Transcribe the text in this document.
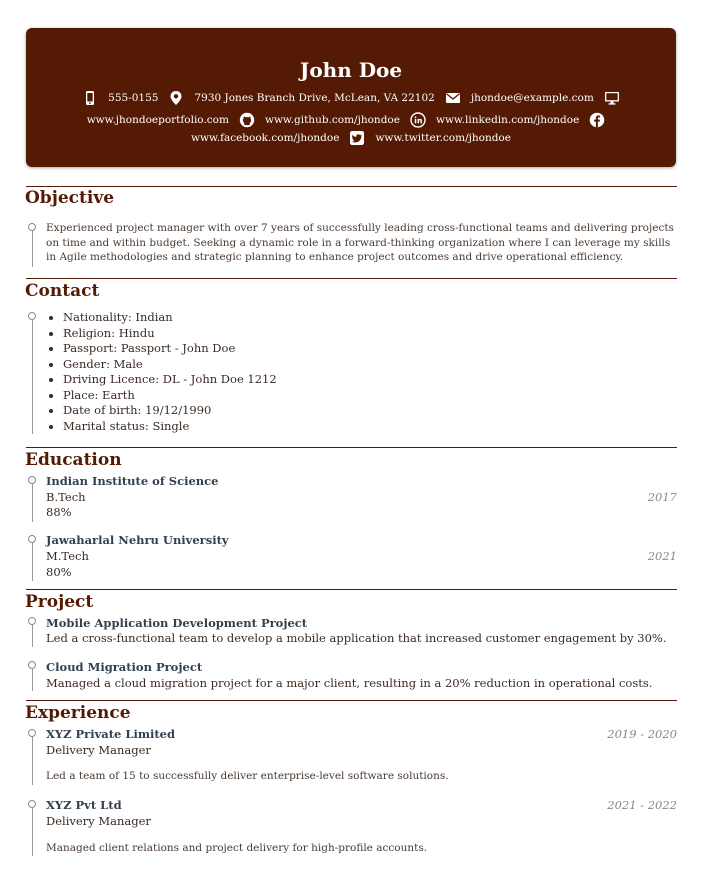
John Doe
555-0155	7930 Jones Branch Drive, McLean, VA 22102	jhondoe@example.com
www.jhondoeportfolio.com	www.github.com/jhondoe	www.linkedin.com/jhondoe
www.facebook.com/jhondoe	www.twitter.com/jhondoe
Objective
Experienced project manager with over 7 years of successfully leading cross-functional teams and delivering projects on time and within budget. Seeking a dynamic role in a forward-thinking organization where I can leverage my skills in Agile methodologies and strategic planning to enhance project outcomes and drive operational efficiency.
Contact
• Nationality: Indian
• Religion: Hindu
• Passport: Passport - John Doe
• Gender: Male
• Driving Licence: DL - John Doe 1212
• Place: Earth
• Date of birth: 19/12/1990
• Marital status: Single
Education
Indian Institute of Science
B.Tech	2017
88%
Jawaharlal Nehru University
M.Tech	2021
80%
Project
Mobile Application Development Project
Led a cross-functional team to develop a mobile application that increased customer engagement by 30%.
Cloud Migration Project
Managed a cloud migration project for a major client, resulting in a 20% reduction in operational costs.
Experience
XYZ Private Limited	2019 - 2020
Delivery Manager
Led a team of 15 to successfully deliver enterprise-level software solutions.
XYZ Pvt Ltd	2021 - 2022
Delivery Manager
Managed client relations and project delivery for high-profile accounts.
